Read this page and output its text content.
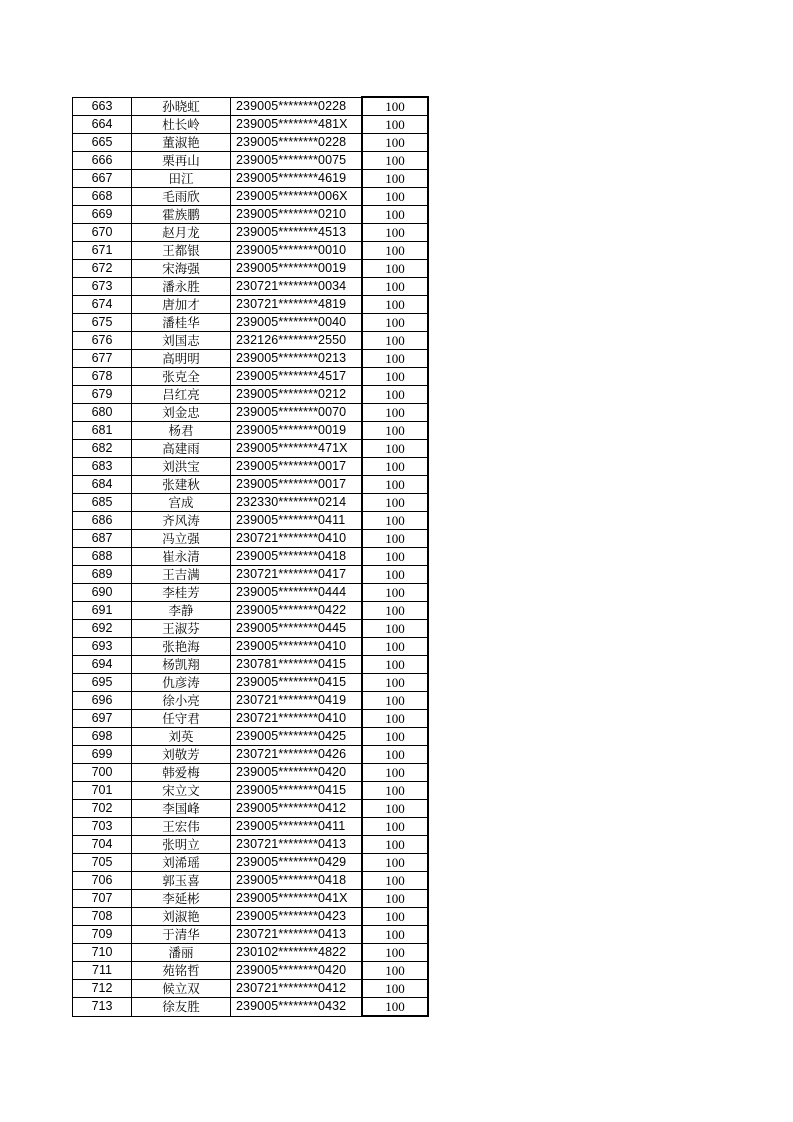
663	孙晓虹	239005********0228	100
664	杜长岭	239005********481X	100
665	董淑艳	239005********0228	100
666	栗再山	239005********0075	100
667	田江	239005********4619	100
668	毛雨欣	239005********006X	100
669	霍族鹏	239005********0210	100
670	赵月龙	239005********4513	100
671	王都银	239005********0010	100
672	宋海强	239005********0019	100
673	潘永胜	230721********0034	100
674	唐加才	230721********4819	100
675	潘桂华	239005********0040	100
676	刘国志	232126********2550	100
677	高明明	239005********0213	100
678	张克全	239005********4517	100
679	吕红亮	239005********0212	100
680	刘金忠	239005********0070	100
681	杨君	239005********0019	100
682	高建雨	239005********471X	100
683	刘洪宝	239005********0017	100
684	张建秋	239005********0017	100
685	宫成	232330********0214	100
686	齐风涛	239005********0411	100
687	冯立强	230721********0410	100
688	崔永清	239005********0418	100
689	王吉满	230721********0417	100
690	李桂芳	239005********0444	100
691	李静	239005********0422	100
692	王淑芬	239005********0445	100
693	张艳海	239005********0410	100
694	杨凯翔	230781********0415	100
695	仇彦涛	239005********0415	100
696	徐小亮	230721********0419	100
697	任守君	230721********0410	100
698	刘英	239005********0425	100
699	刘敬芳	230721********0426	100
700	韩爱梅	239005********0420	100
701	宋立文	239005********0415	100
702	李国峰	239005********0412	100
703	王宏伟	239005********0411	100
704	张明立	230721********0413	100
705	刘浠瑶	239005********0429	100
706	郭玉喜	239005********0418	100
707	李延彬	239005********041X	100
708	刘淑艳	239005********0423	100
709	于清华	230721********0413	100
710	潘丽	230102********4822	100
711	苑铭哲	239005********0420	100
712	候立双	230721********0412	100
713	徐友胜	239005********0432	100
